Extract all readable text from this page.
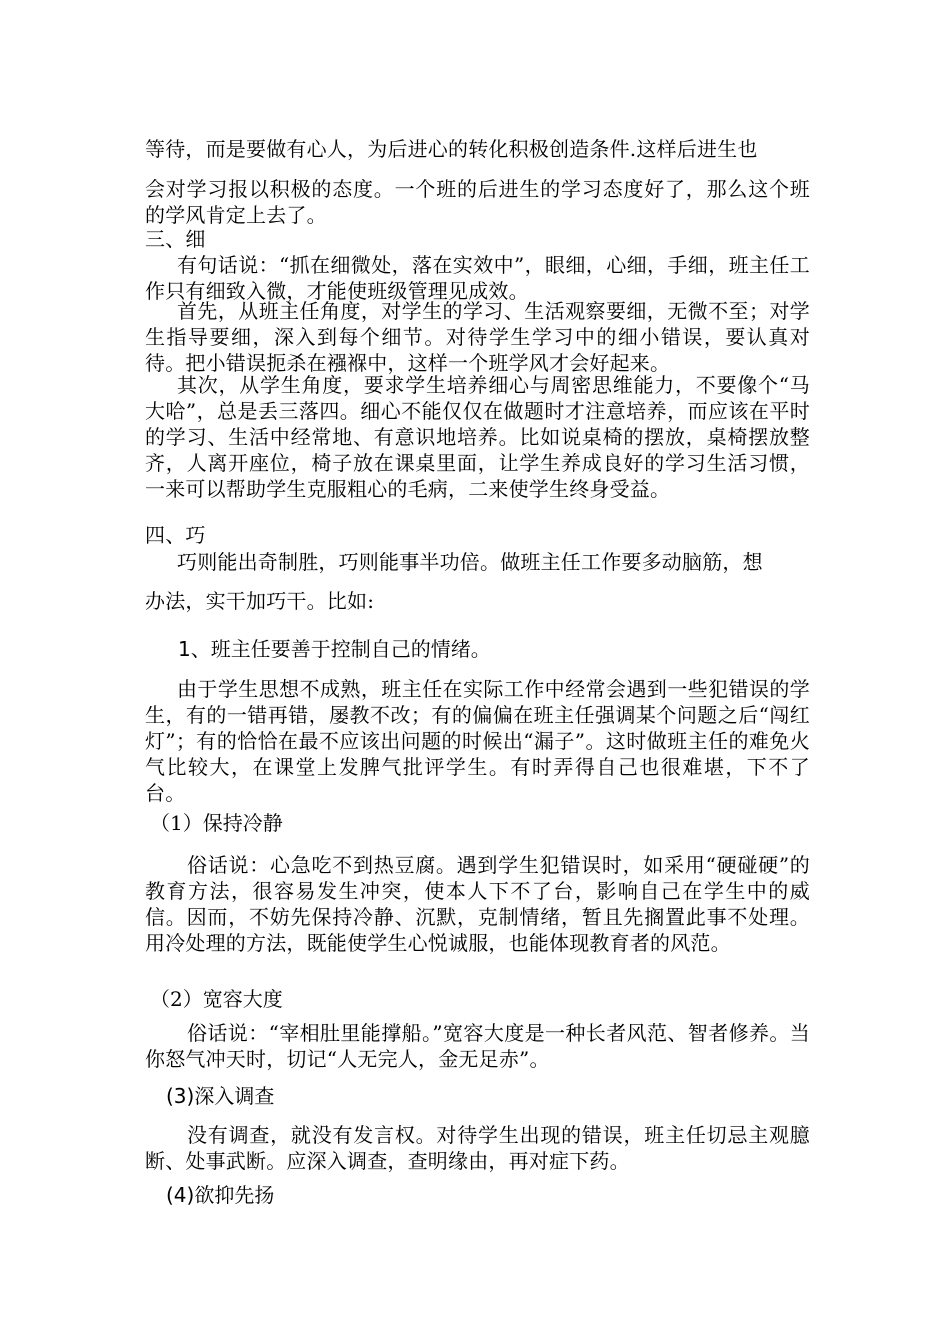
等待，而是要做有心人，为后进心的转化积极创造条件.这样后进生也

会对学习报以积极的态度。一个班的后进生的学习态度好了，那么这个班的学风肯定上去了。

三、细

有句话说：“抓在细微处，落在实效中”，眼细，心细，手细，班主任工作只有细致入微，才能使班级管理见成效。

首先，从班主任角度，对学生的学习、生活观察要细，无微不至；对学生指导要细，深入到每个细节。对待学生学习中的细小错误，要认真对待。把小错误扼杀在襁褓中，这样一个班学风才会好起来。

其次，从学生角度，要求学生培养细心与周密思维能力，不要像个“马大哈”，总是丢三落四。细心不能仅仅在做题时才注意培养，而应该在平时的学习、生活中经常地、有意识地培养。比如说桌椅的摆放，桌椅摆放整齐，人离开座位，椅子放在课桌里面，让学生养成良好的学习生活习惯，一来可以帮助学生克服粗心的毛病，二来使学生终身受益。

四、巧

巧则能出奇制胜，巧则能事半功倍。做班主任工作要多动脑筋，想

办法，实干加巧干。比如:

1、班主任要善于控制自己的情绪。

由于学生思想不成熟，班主任在实际工作中经常会遇到一些犯错误的学生，有的一错再错，屡教不改；有的偏偏在班主任强调某个问题之后“闯红灯”；有的恰恰在最不应该出问题的时候出“漏子”。这时做班主任的难免火气比较大，在课堂上发脾气批评学生。有时弄得自己也很难堪，下不了台。

（1）保持冷静

俗话说：心急吃不到热豆腐。遇到学生犯错误时，如采用“硬碰硬”的教育方法，很容易发生冲突，使本人下不了台，影响自己在学生中的威信。因而，不妨先保持冷静、沉默，克制情绪，暂且先搁置此事不处理。用冷处理的方法，既能使学生心悦诚服，也能体现教育者的风范。

（2）宽容大度

俗话说：“宰相肚里能撑船。”宽容大度是一种长者风范、智者修养。当你怒气冲天时，切记“人无完人，金无足赤”。

(3)深入调查

没有调查，就没有发言权。对待学生出现的错误，班主任切忌主观臆断、处事武断。应深入调查，查明缘由，再对症下药。

(4)欲抑先扬
